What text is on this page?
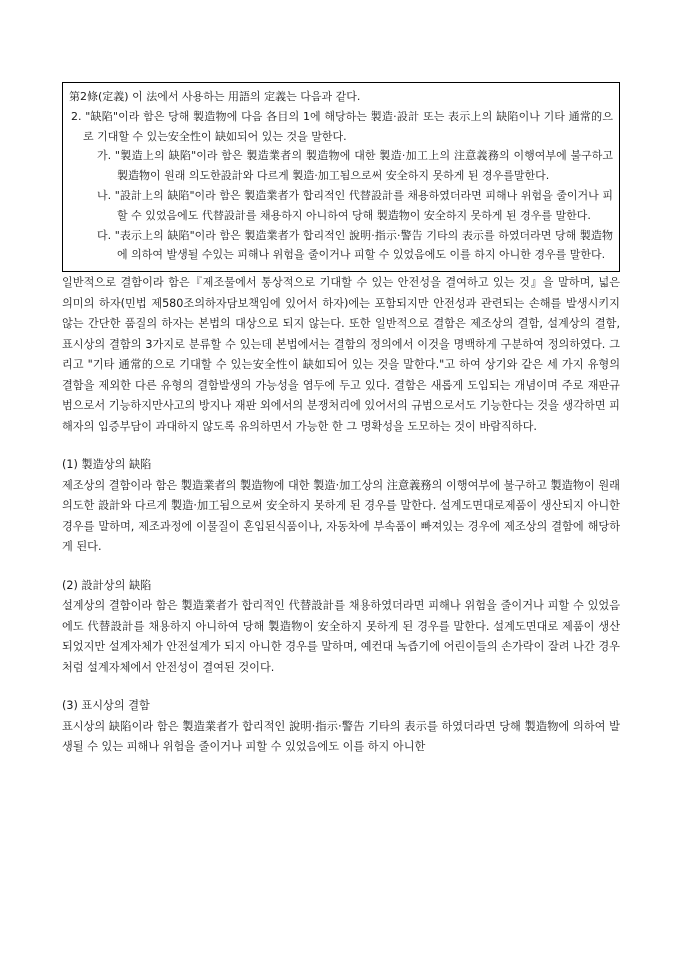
第2條(定義) 이 法에서 사용하는 用語의 定義는 다음과 같다.
2. "缺陷"이라 함은 당해 製造物에 다음 各目의 1에 해당하는 製造·設計 또는 表示上의 缺陷이나 기타 通常的으로 기대할 수 있는安全性이 缺如되어 있는 것을 말한다.
가. "製造上의 缺陷"이라 함은 製造業者의 製造物에 대한 製造·加工上의 注意義務의 이행여부에 불구하고 製造物이 원래 의도한設計와 다르게 製造·加工됨으로써 安全하지 못하게 된 경우를말한다.
나. "設計上의 缺陷"이라 함은 製造業者가 합리적인 代替設計를 채용하였더라면 피해나 위험을 줄이거나 피할 수 있었음에도 代替設計를 채용하지 아니하여 당해 製造物이 安全하지 못하게 된 경우를 말한다.
다. "表示上의 缺陷"이라 함은 製造業者가 합리적인 說明·指示·警告 기타의 表示를 하였더라면 당해 製造物에 의하여 발생될 수있는 피해나 위험을 줄이거나 피할 수 있었음에도 이를 하지 아니한 경우를 말한다.

일반적으로 결함이라 함은『제조물에서 통상적으로 기대할 수 있는 안전성을 결여하고 있는 것』을 말하며, 넓은 의미의 하자(민법 제580조의하자담보책임에 있어서 하자)에는 포함되지만 안전성과 관련되는 손해를 발생시키지 않는 간단한 품질의 하자는 본법의 대상으로 되지 않는다. 또한 일반적으로 결함은 제조상의 결함, 설계상의 결함, 표시상의 결함의 3가지로 분류할 수 있는데 본법에서는 결함의 정의에서 이것을 명백하게 구분하여 정의하였다. 그리고 "기타 通常的으로 기대할 수 있는安全性이 缺如되어 있는 것을 말한다."고 하여 상기와 같은 세 가지 유형의 결함을 제외한 다른 유형의 결함발생의 가능성을 염두에 두고 있다. 결함은 새롭게 도입되는 개념이며 주로 재판규범으로서 기능하지만사고의 방지나 재판 외에서의 분쟁처리에 있어서의 규범으로서도 기능한다는 것을 생각하면 피해자의 입증부담이 과대하지 않도록 유의하면서 가능한 한 그 명확성을 도모하는 것이 바람직하다.

(1) 製造상의 缺陷
제조상의 결함이라 함은 製造業者의 製造物에 대한 製造·加工상의 注意義務의 이행여부에 불구하고 製造物이 원래 의도한 設計와 다르게 製造·加工됨으로써 安全하지 못하게 된 경우를 말한다. 설계도면대로제품이 생산되지 아니한 경우를 말하며, 제조과정에 이물질이 혼입된식품이나, 자동차에 부속품이 빠져있는 경우에 제조상의 결함에 해당하게 된다.
(2) 設計상의 缺陷
설계상의 결함이라 함은 製造業者가 합리적인 代替設計를 채용하였더라면 피해나 위험을 줄이거나 피할 수 있었음에도 代替設計를 채용하지 아니하여 당해 製造物이 安全하지 못하게 된 경우를 말한다. 설계도면대로 제품이 생산되었지만 설계자체가 안전설계가 되지 아니한 경우를 말하며, 예컨대 녹즙기에 어린이들의 손가락이 잘려 나간 경우처럼 설계자체에서 안전성이 결여된 것이다.
(3) 표시상의 결함
표시상의 缺陷이라 함은 製造業者가 합리적인 說明·指示·警告 기타의 表示를 하였더라면 당해 製造物에 의하여 발생될 수 있는 피해나 위험을 줄이거나 피할 수 있었음에도 이를 하지 아니한
